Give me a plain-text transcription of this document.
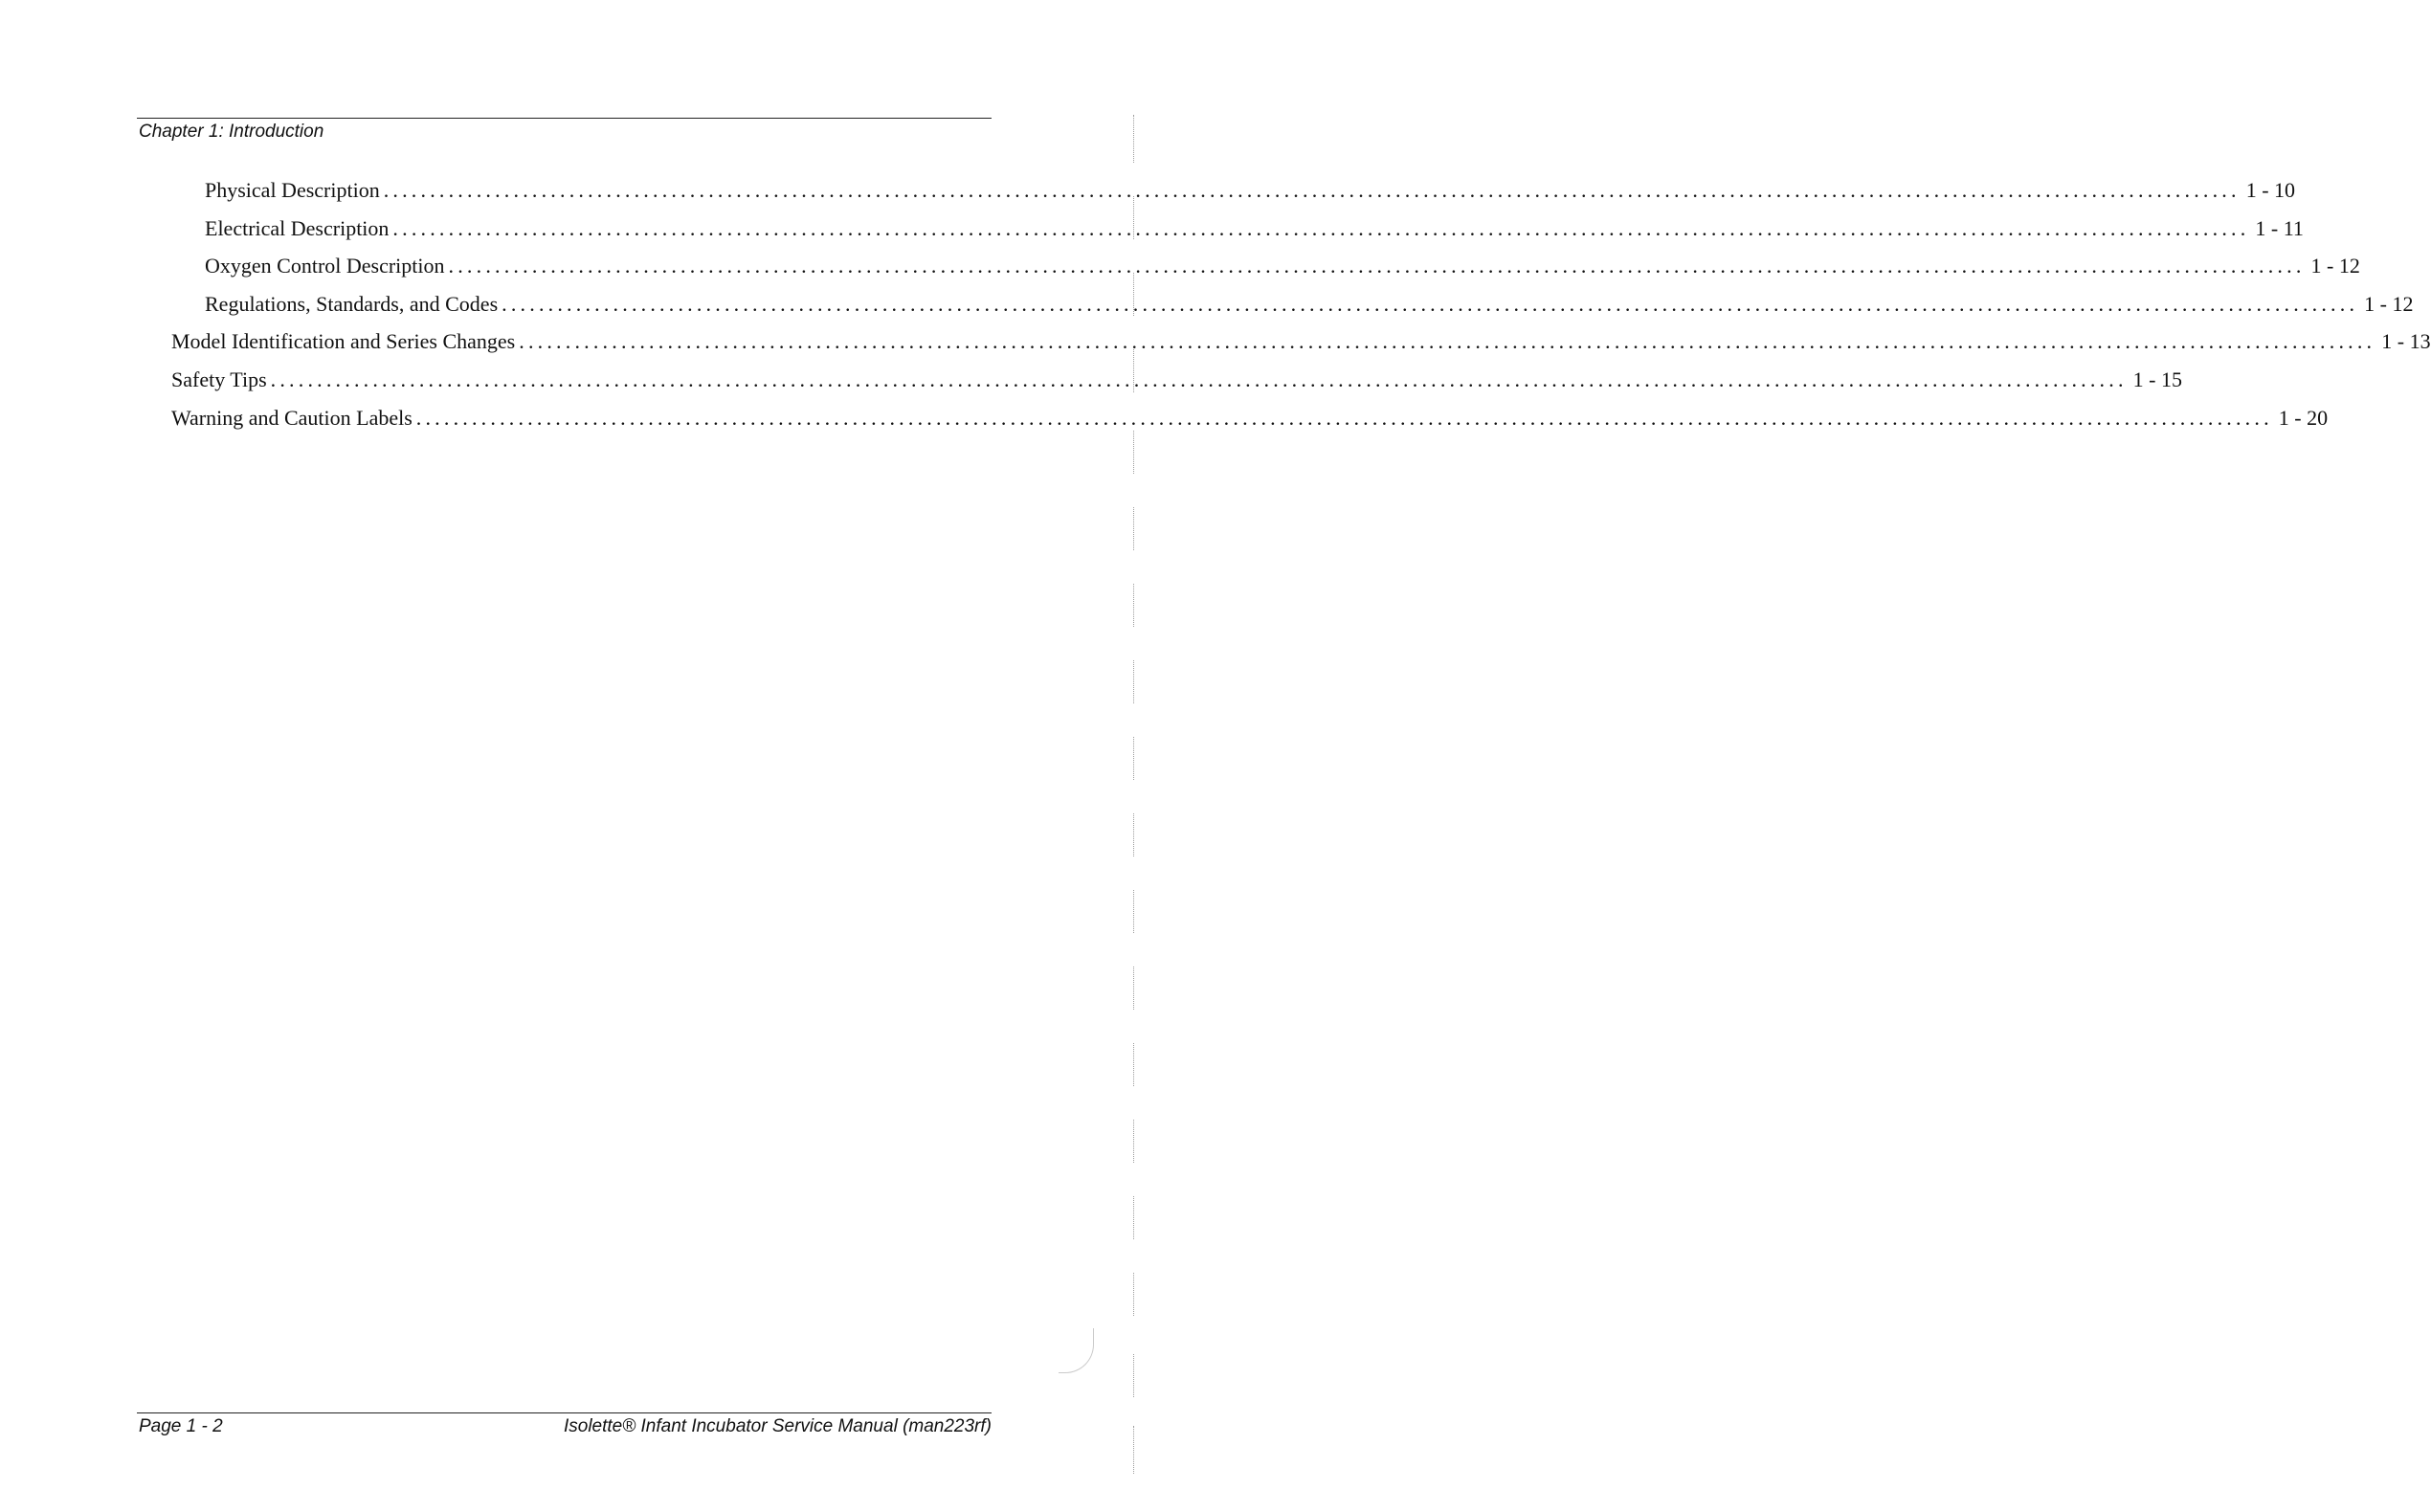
Chapter 1: Introduction
Physical Description ........................................................................................................................................................................................................ 1 - 10
Electrical Description ........................................................................................................................................................................................................ 1 - 11
Oxygen Control Description ........................................................................................................................................................................................................ 1 - 12
Regulations, Standards, and Codes ........................................................................................................................................................................................................ 1 - 12
Model Identification and Series Changes ........................................................................................................................................................................................................ 1 - 13
Safety Tips ........................................................................................................................................................................................................ 1 - 15
Warning and Caution Labels ........................................................................................................................................................................................................ 1 - 20
Page 1 - 2	Isolette® Infant Incubator Service Manual (man223rf)
